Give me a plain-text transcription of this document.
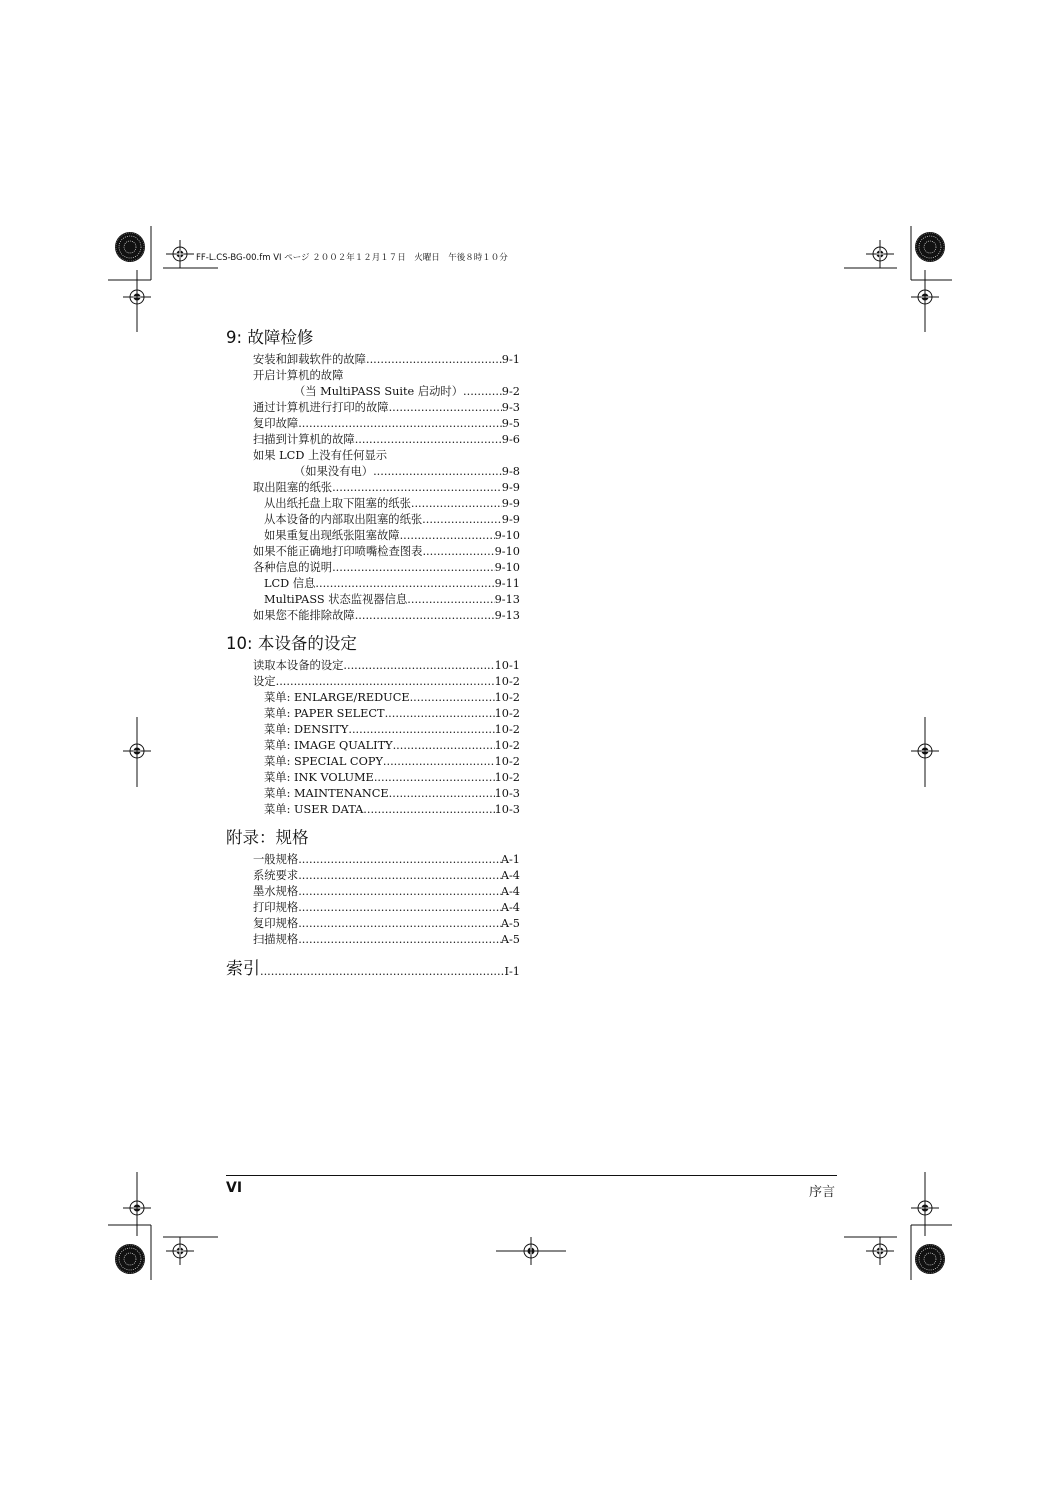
FF-L.CS-BG-00.fm VI ページ ２００２年１２月１７日　火曜日　午後８時１０分
9: 故障检修
安装和卸载软件的故障 .....	9-1
开启计算机的故障
（当 MultiPASS Suite 启动时） .....	9-2
通过计算机进行打印的故障 .....	9-3
复印故障 .....	9-5
扫描到计算机的故障 .....	9-6
如果 LCD 上没有任何显示
（如果没有电） .....	9-8
取出阻塞的纸张 .....	9-9
从出纸托盘上取下阻塞的纸张 .....	9-9
从本设备的内部取出阻塞的纸张 .....	9-9
如果重复出现纸张阻塞故障 .....	9-10
如果不能正确地打印喷嘴检查图表 .....	9-10
各种信息的说明 .....	9-10
LCD 信息 .....	9-11
MultiPASS 状态监视器信息 .....	9-13
如果您不能排除故障 .....	9-13
10: 本设备的设定
读取本设备的设定 .....	10-1
设定 .....	10-2
菜单: ENLARGE/REDUCE .....	10-2
菜单: PAPER SELECT .....	10-2
菜单: DENSITY .....	10-2
菜单: IMAGE QUALITY .....	10-2
菜单: SPECIAL COPY .....	10-2
菜单: INK VOLUME .....	10-2
菜单: MAINTENANCE .....	10-3
菜单: USER DATA .....	10-3
附录：规格
一般规格 .....	A-1
系统要求 .....	A-4
墨水规格 .....	A-4
打印规格 .....	A-4
复印规格 .....	A-5
扫描规格 .....	A-5
索引 .....	I-1
VI	序言
